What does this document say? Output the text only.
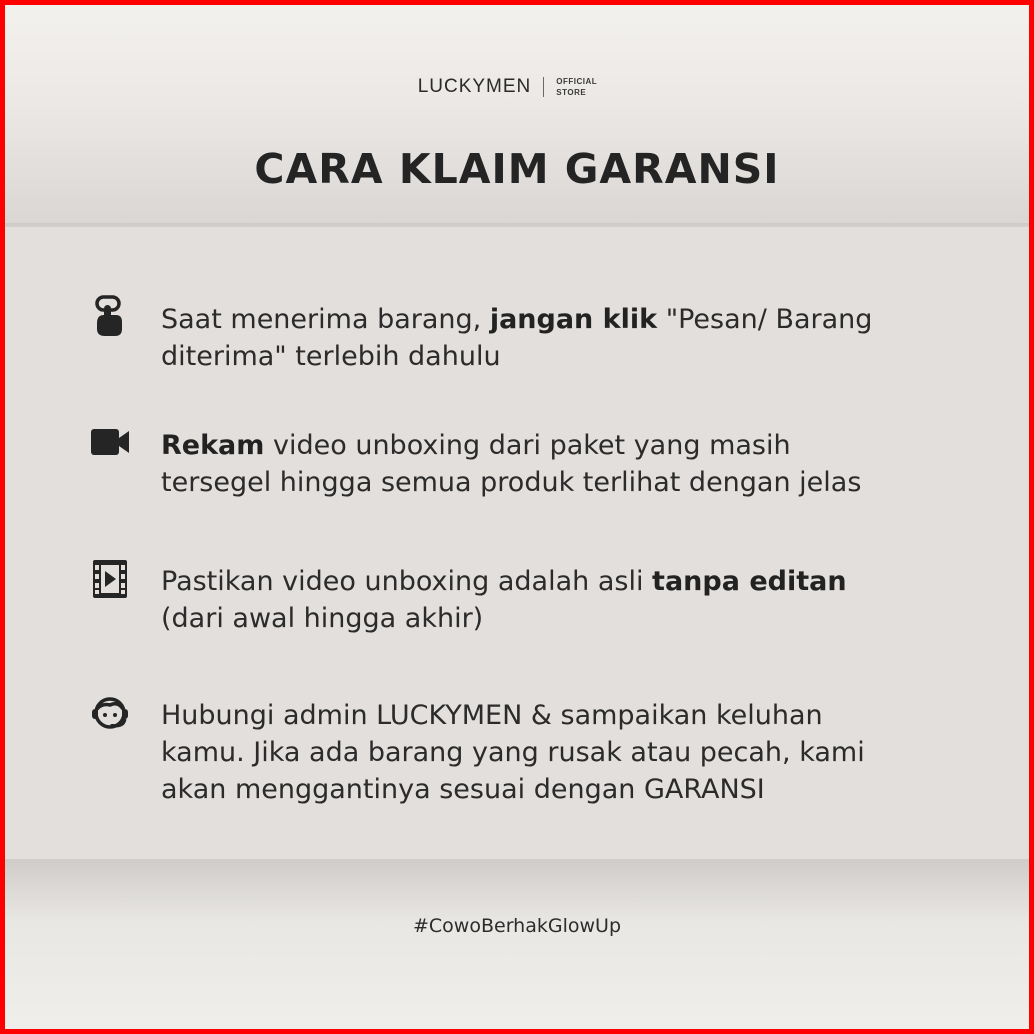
LUCKYMEN	OFFICIAL
STORE
CARA KLAIM GARANSI
Saat menerima barang, jangan klik "Pesan/ Barang
diterima" terlebih dahulu
Rekam video unboxing dari paket yang masih
tersegel hingga semua produk terlihat dengan jelas
Pastikan video unboxing adalah asli tanpa editan
(dari awal hingga akhir)
Hubungi admin LUCKYMEN & sampaikan keluhan
kamu. Jika ada barang yang rusak atau pecah, kami
akan menggantinya sesuai dengan GARANSI
#CowoBerhakGlowUp
